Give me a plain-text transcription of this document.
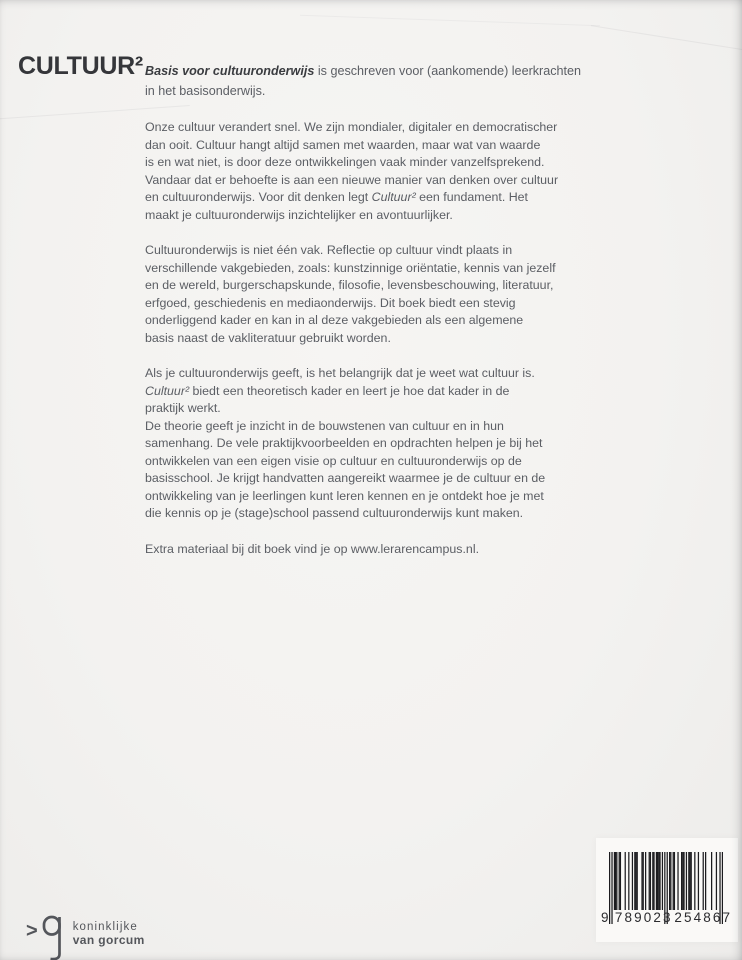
CULTUUR² Basis voor cultuuronderwijs is geschreven voor (aankomende) leerkrachten
in het basisonderwijs.
Onze cultuur verandert snel. We zijn mondialer, digitaler en democratischer
dan ooit. Cultuur hangt altijd samen met waarden, maar wat van waarde
is en wat niet, is door deze ontwikkelingen vaak minder vanzelfsprekend.
Vandaar dat er behoefte is aan een nieuwe manier van denken over cultuur
en cultuuronderwijs. Voor dit denken legt Cultuur² een fundament. Het
maakt je cultuuronderwijs inzichtelijker en avontuurlijker.
Cultuuronderwijs is niet één vak. Reflectie op cultuur vindt plaats in
verschillende vakgebieden, zoals: kunstzinnige oriëntatie, kennis van jezelf
en de wereld, burgerschapskunde, filosofie, levensbeschouwing, literatuur,
erfgoed, geschiedenis en mediaonderwijs. Dit boek biedt een stevig
onderliggend kader en kan in al deze vakgebieden als een algemene
basis naast de vakliteratuur gebruikt worden.
Als je cultuuronderwijs geeft, is het belangrijk dat je weet wat cultuur is.
Cultuur² biedt een theoretisch kader en leert je hoe dat kader in de
praktijk werkt.
De theorie geeft je inzicht in de bouwstenen van cultuur en in hun
samenhang. De vele praktijkvoorbeelden en opdrachten helpen je bij het
ontwikkelen van een eigen visie op cultuur en cultuuronderwijs op de
basisschool. Je krijgt handvatten aangereikt waarmee je de cultuur en de
ontwikkeling van je leerlingen kunt leren kennen en je ontdekt hoe je met
die kennis op je (stage)school passend cultuuronderwijs kunt maken.
Extra materiaal bij dit boek vind je op www.lerarencampus.nl.
>	koninklijke
van gorcum
9 789023 254867
